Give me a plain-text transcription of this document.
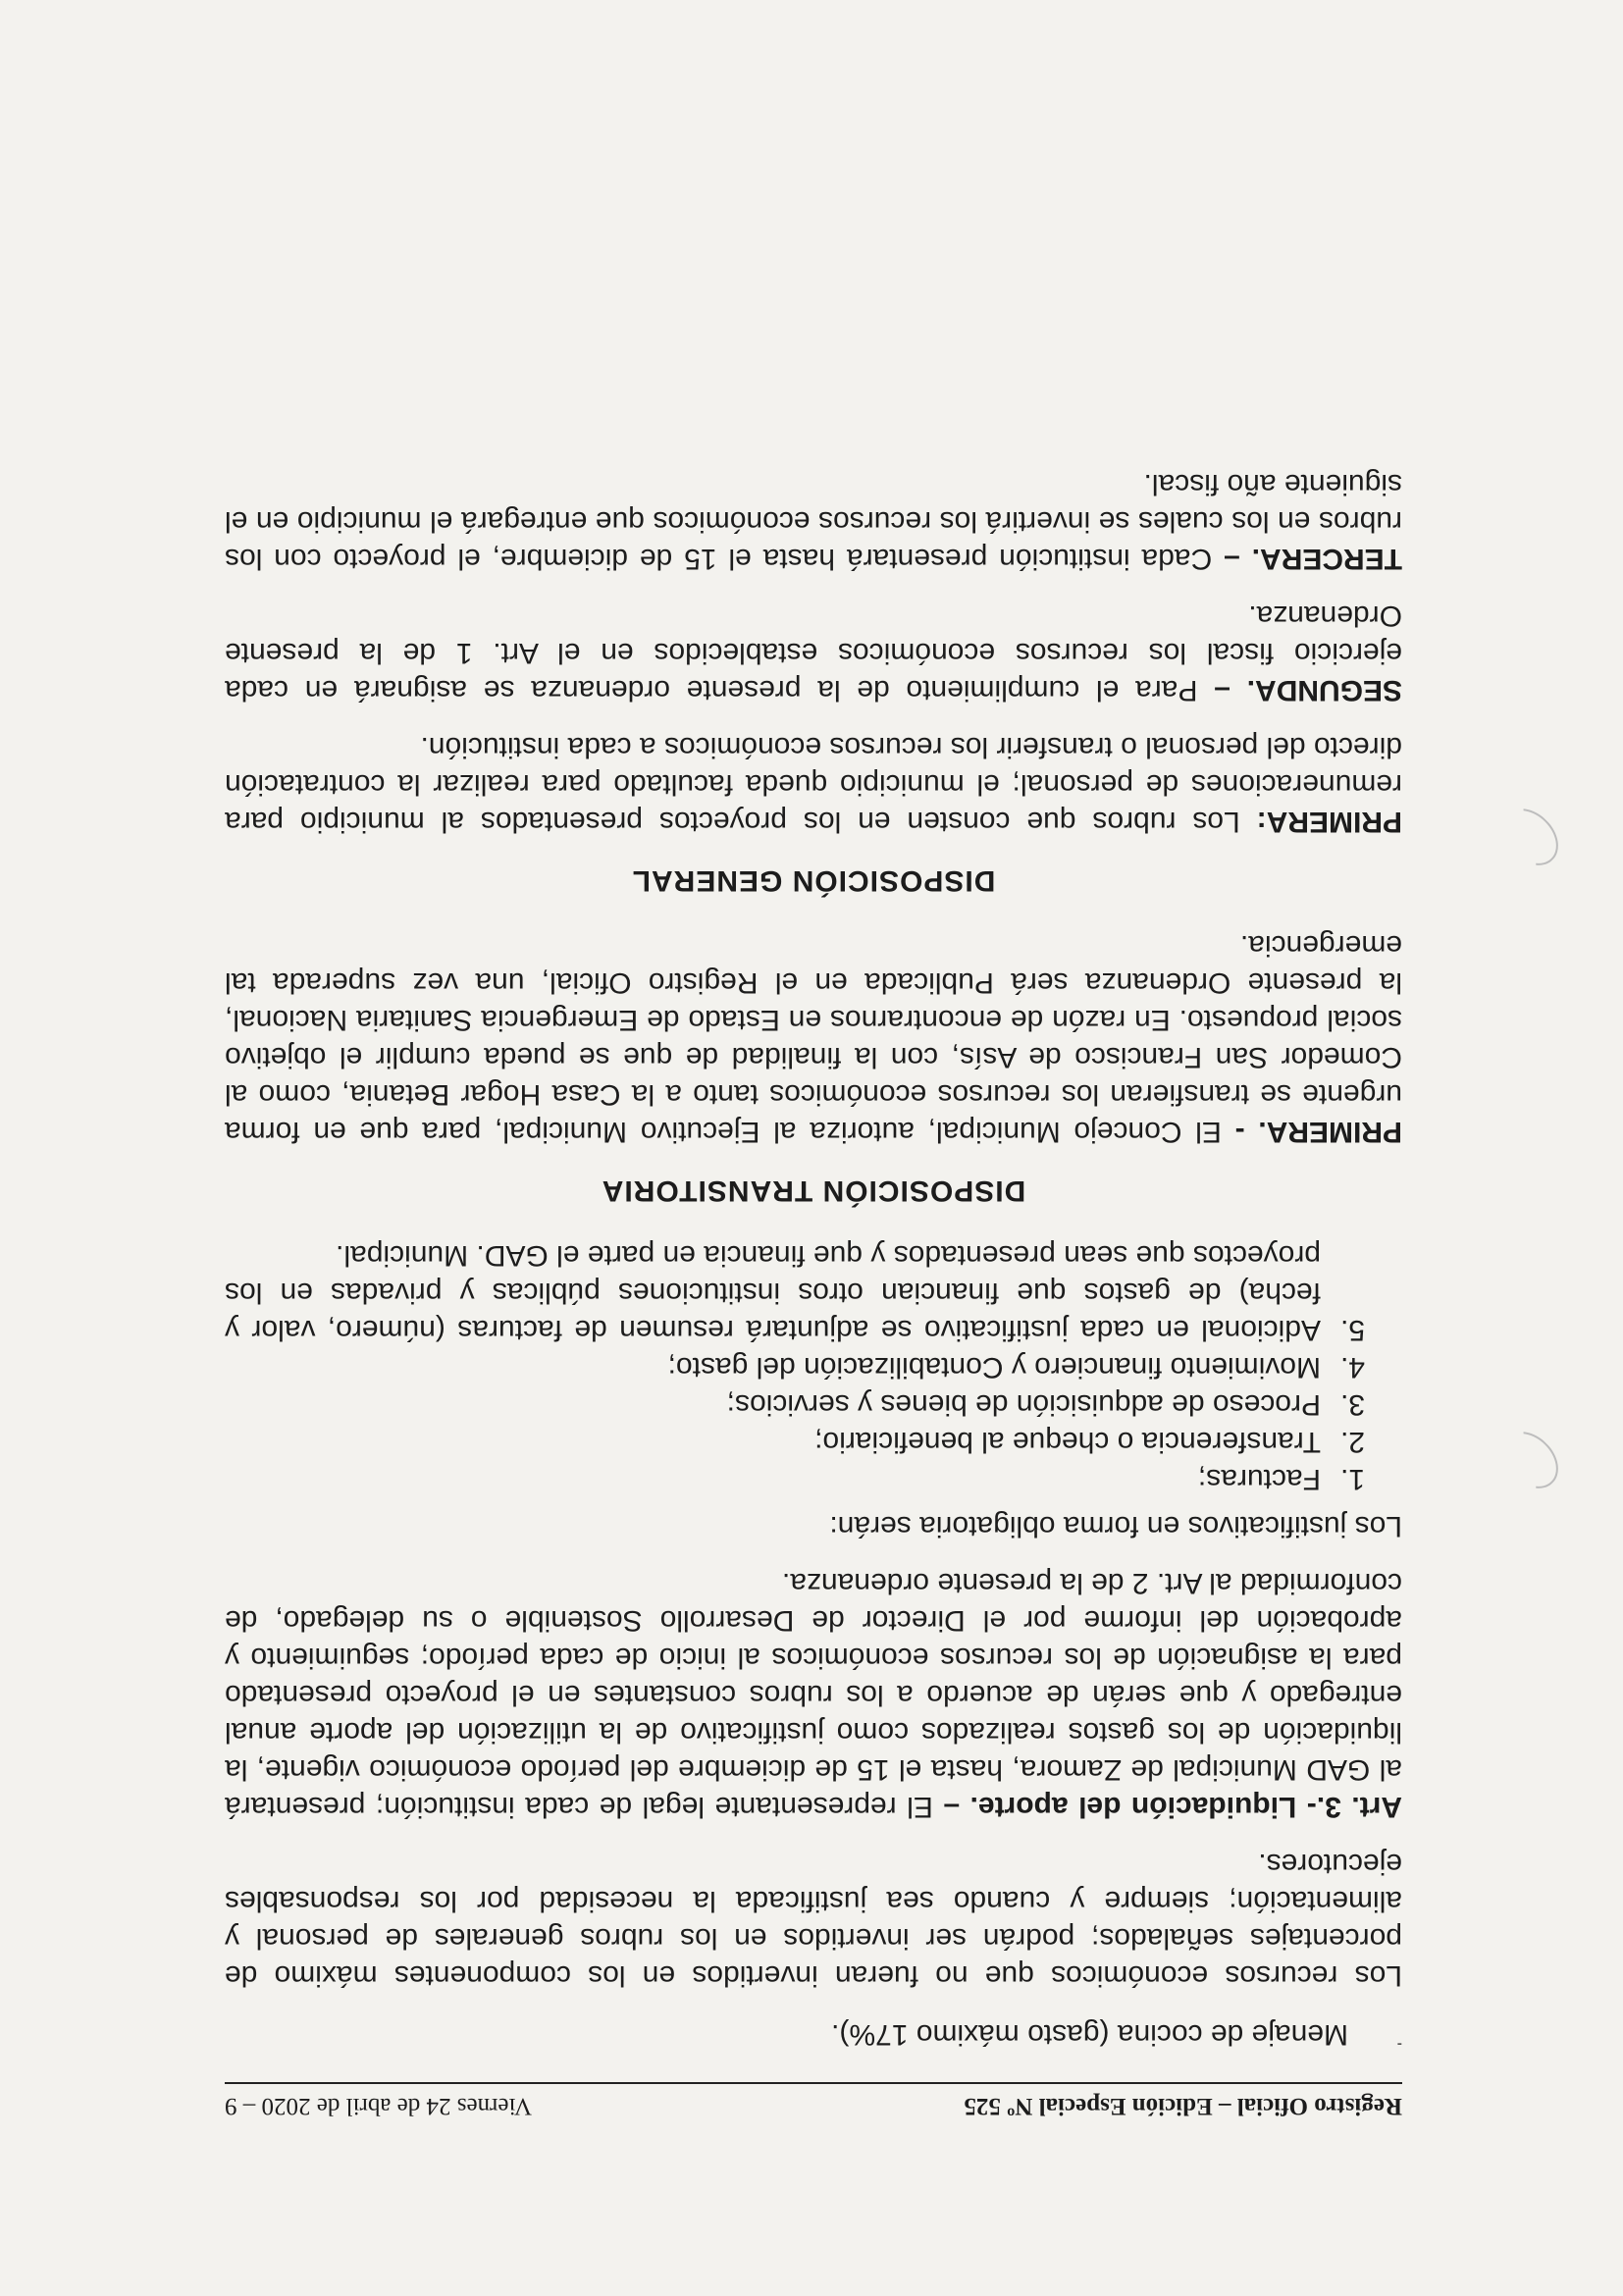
Registro Oficial – Edición Especial Nº 525
Viernes 24 de abril de 2020 – 9
-
Menaje de cocina (gasto máximo 17%).

Los recursos económicos que no fueran invertidos en los componentes máximo de porcentajes señalados; podrán ser invertidos en los rubros generales de personal y alimentación; siempre y cuando sea justificada la necesidad por los responsables ejecutores.

Art. 3.- Liquidación del aporte. – El representante legal de cada institución; presentará al GAD Municipal de Zamora, hasta el 15 de diciembre del período económico vigente, la liquidación de los gastos realizados como justificativo de la utilización del aporte anual entregado y que serán de acuerdo a los rubros constantes en el proyecto presentado para la asignación de los recursos económicos al inicio de cada período; seguimiento y aprobación del informe por el Director de Desarrollo Sostenible o su delegado, de conformidad al Art. 2 de la presente ordenanza.

Los justificativos en forma obligatoria serán:

1.
Facturas;
2.
Transferencia o cheque al beneficiario;
3.
Proceso de adquisición de bienes y servicios;
4.
Movimiento financiero y Contabilización del gasto;
5.
Adicional en cada justificativo se adjuntará resumen de facturas (número, valor y fecha) de gastos que financian otros instituciones públicas y privadas en los proyectos que sean presentados y que financia en parte el GAD. Municipal.
DISPOSICIÓN TRANSITORIA

PRIMERA. - El Concejo Municipal, autoriza al Ejecutivo Municipal, para que en forma urgente se transfieran los recursos económicos tanto a la Casa Hogar Betania, como al Comedor San Francisco de Asís, con la finalidad de que se pueda cumplir el objetivo social propuesto. En razón de encontrarnos en Estado de Emergencia Sanitaria Nacional, la presente Ordenanza será Publicada en el Registro Oficial, una vez superada tal emergencia.

DISPOSICIÓN GENERAL

PRIMERA: Los rubros que consten en los proyectos presentados al municipio para remuneraciones de personal; el municipio queda facultado para realizar la contratación directo del personal o transferir los recursos económicos a cada institución.

SEGUNDA. – Para el cumplimiento de la presente ordenanza se asignará en cada ejercicio fiscal los recursos económicos establecidos en el Art. 1 de la presente Ordenanza.

TERCERA. – Cada institución presentará hasta el 15 de diciembre, el proyecto con los rubros en los cuales se invertirá los recursos económicos que entregará el municipio en el siguiente año fiscal.
